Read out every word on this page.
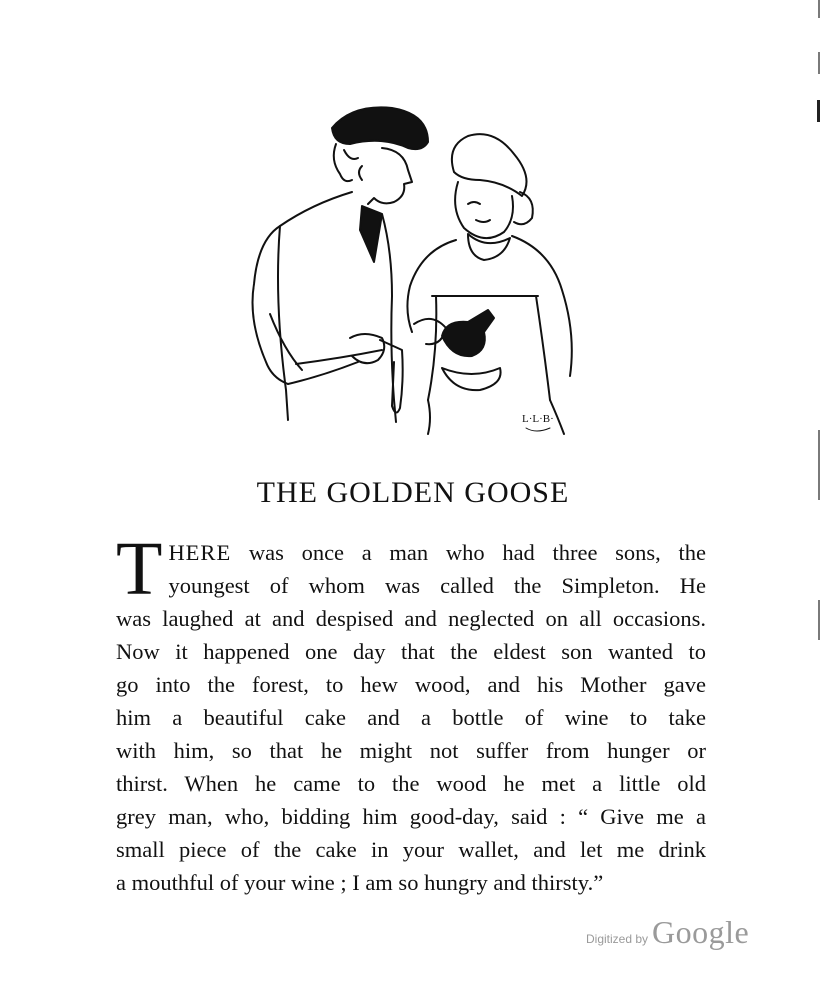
L·L·B·
THE GOLDEN GOOSE
T HERE was once a man who had three sons, the
youngest of whom was called the Simpleton. He
was laughed at and despised and neglected on all occasions.
Now it happened one day that the eldest son wanted to
go into the forest, to hew wood, and his Mother gave
him a beautiful cake and a bottle of wine to take
with him, so that he might not suffer from hunger or
thirst. When he came to the wood he met a little old
grey man, who, bidding him good-day, said : “ Give me a
small piece of the cake in your wallet, and let me drink
a mouthful of your wine ; I am so hungry and thirsty.”
Digitized by Google
